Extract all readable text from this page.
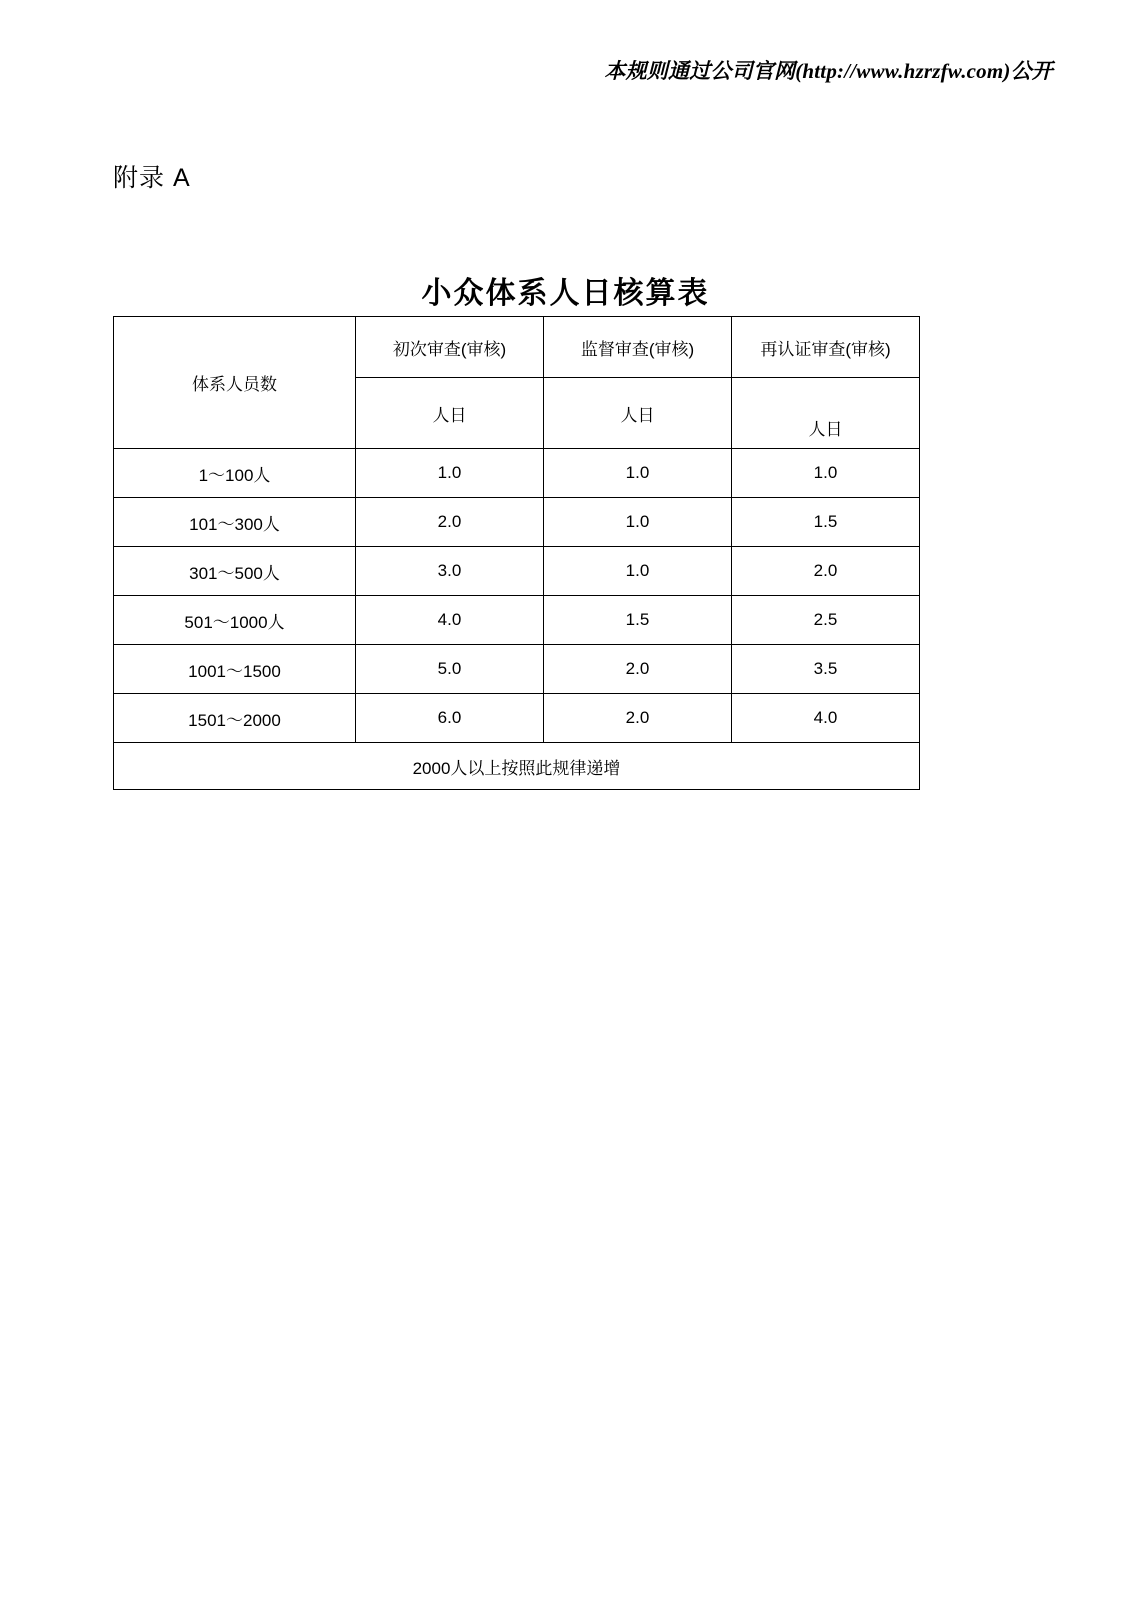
本规则通过公司官网(http://www.hzrzfw.com)公开
附录 A
小众体系人日核算表
体系人员数	初次审查(审核)	监督审查(审核)	再认证审查(审核)
	人日	人日	人日
1～100人	1.0	1.0	1.0
101～300人	2.0	1.0	1.5
301～500人	3.0	1.0	2.0
501～1000人	4.0	1.5	2.5
1001～1500	5.0	2.0	3.5
1501～2000	6.0	2.0	4.0
2000人以上按照此规律递增			
